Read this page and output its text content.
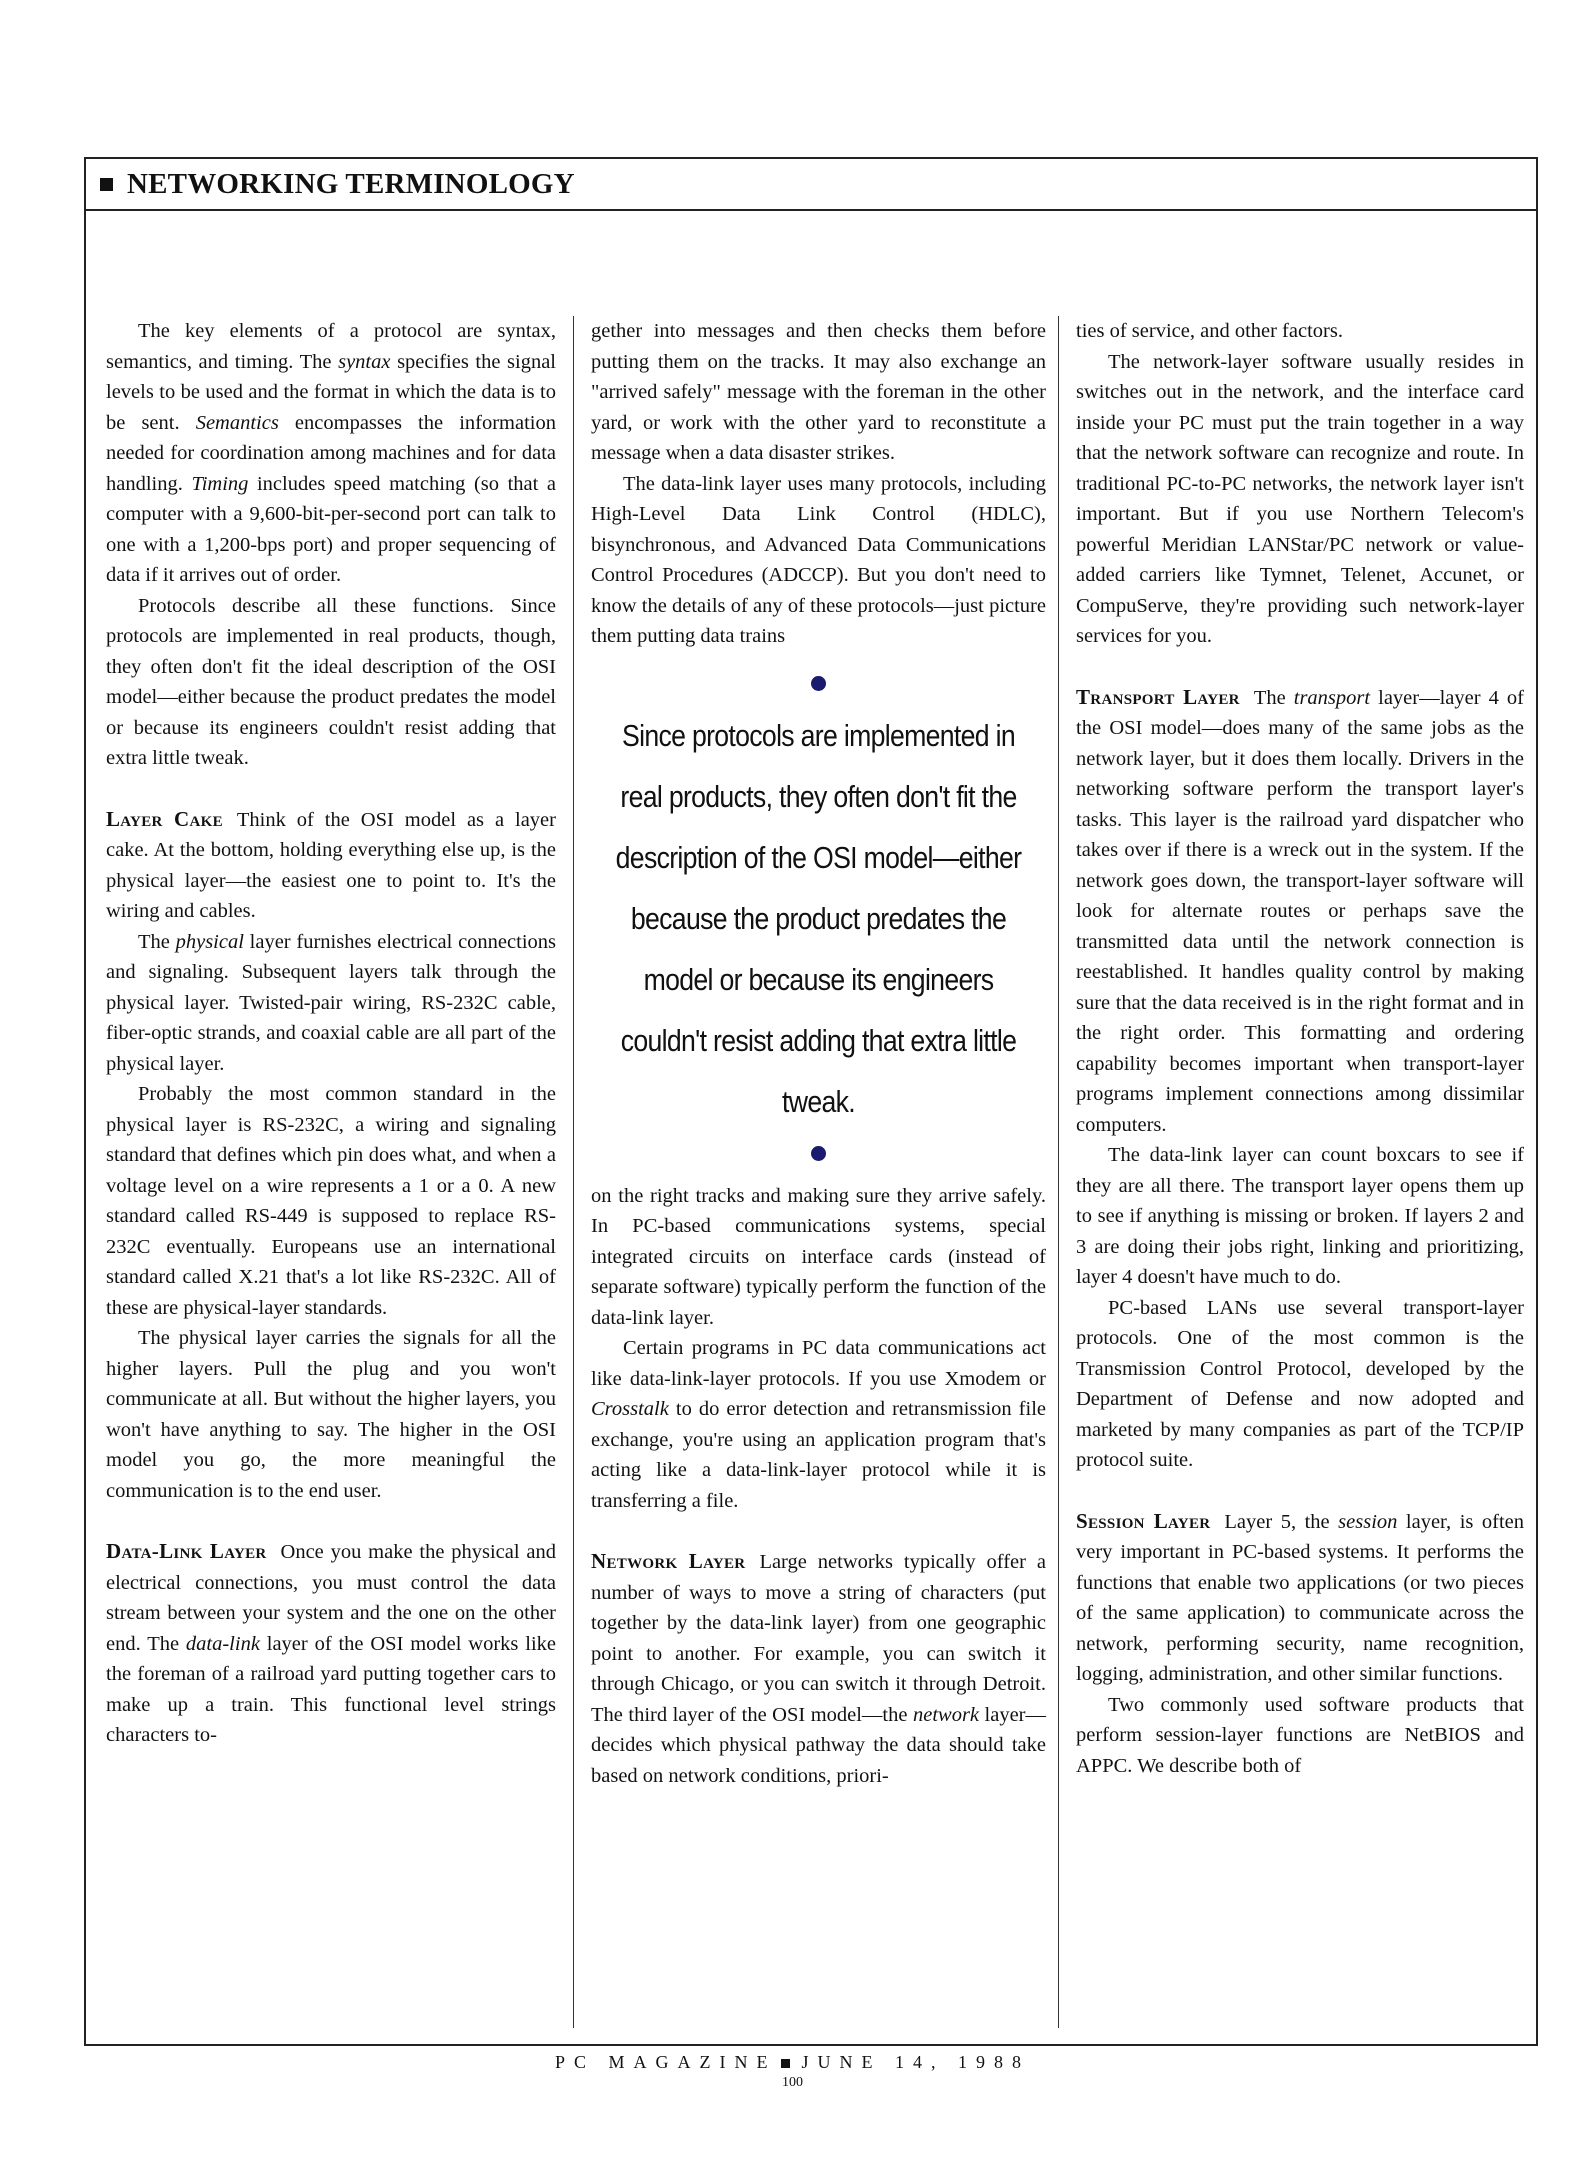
NETWORKING TERMINOLOGY

The key elements of a protocol are syntax, semantics, and timing. The syntax specifies the signal levels to be used and the format in which the data is to be sent. Semantics encompasses the information needed for coordination among machines and for data handling. Timing includes speed matching (so that a computer with a 9,600-bit-per-second port can talk to one with a 1,200-bps port) and proper sequencing of data if it arrives out of order.

Protocols describe all these functions. Since protocols are implemented in real products, though, they often don't fit the ideal description of the OSI model—either because the product predates the model or because its engineers couldn't resist adding that extra little tweak.

Layer Cake Think of the OSI model as a layer cake. At the bottom, holding everything else up, is the physical layer—the easiest one to point to. It's the wiring and cables.

The physical layer furnishes electrical connections and signaling. Subsequent layers talk through the physical layer. Twisted-pair wiring, RS-232C cable, fiber-optic strands, and coaxial cable are all part of the physical layer.

Probably the most common standard in the physical layer is RS-232C, a wiring and signaling standard that defines which pin does what, and when a voltage level on a wire represents a 1 or a 0. A new standard called RS-449 is supposed to replace RS-232C eventually. Europeans use an international standard called X.21 that's a lot like RS-232C. All of these are physical-layer standards.

The physical layer carries the signals for all the higher layers. Pull the plug and you won't communicate at all. But without the higher layers, you won't have anything to say. The higher in the OSI model you go, the more meaningful the communication is to the end user.

Data-Link Layer Once you make the physical and electrical connections, you must control the data stream between your system and the one on the other end. The data-link layer of the OSI model works like the foreman of a railroad yard putting together cars to make up a train. This functional level strings characters to-

gether into messages and then checks them before putting them on the tracks. It may also exchange an "arrived safely" message with the foreman in the other yard, or work with the other yard to reconstitute a message when a data disaster strikes.

The data-link layer uses many protocols, including High-Level Data Link Control (HDLC), bisynchronous, and Advanced Data Communications Control Procedures (ADCCP). But you don't need to know the details of any of these protocols—just picture them putting data trains

Since protocols are implemented in real products, they often don't fit the description of the OSI model—either because the product predates the model or because its engineers couldn't resist adding that extra little tweak.

on the right tracks and making sure they arrive safely. In PC-based communications systems, special integrated circuits on interface cards (instead of separate software) typically perform the function of the data-link layer.

Certain programs in PC data communications act like data-link-layer protocols. If you use Xmodem or Crosstalk to do error detection and retransmission file exchange, you're using an application program that's acting like a data-link-layer protocol while it is transferring a file.

Network Layer Large networks typically offer a number of ways to move a string of characters (put together by the data-link layer) from one geographic point to another. For example, you can switch it through Chicago, or you can switch it through Detroit. The third layer of the OSI model—the network layer—decides which physical pathway the data should take based on network conditions, priori-

ties of service, and other factors.

The network-layer software usually resides in switches out in the network, and the interface card inside your PC must put the train together in a way that the network software can recognize and route. In traditional PC-to-PC networks, the network layer isn't important. But if you use Northern Telecom's powerful Meridian LANStar/PC network or value-added carriers like Tymnet, Telenet, Accunet, or CompuServe, they're providing such network-layer services for you.

Transport Layer The transport layer—layer 4 of the OSI model—does many of the same jobs as the network layer, but it does them locally. Drivers in the networking software perform the transport layer's tasks. This layer is the railroad yard dispatcher who takes over if there is a wreck out in the system. If the network goes down, the transport-layer software will look for alternate routes or perhaps save the transmitted data until the network connection is reestablished. It handles quality control by making sure that the data received is in the right format and in the right order. This formatting and ordering capability becomes important when transport-layer programs implement connections among dissimilar computers.

The data-link layer can count boxcars to see if they are all there. The transport layer opens them up to see if anything is missing or broken. If layers 2 and 3 are doing their jobs right, linking and prioritizing, layer 4 doesn't have much to do.

PC-based LANs use several transport-layer protocols. One of the most common is the Transmission Control Protocol, developed by the Department of Defense and now adopted and marketed by many companies as part of the TCP/IP protocol suite.

Session Layer Layer 5, the session layer, is often very important in PC-based systems. It performs the functions that enable two applications (or two pieces of the same application) to communicate across the network, performing security, name recognition, logging, administration, and other similar functions.

Two commonly used software products that perform session-layer functions are NetBIOS and APPC. We describe both of

PC MAGAZINE JUNE 14, 1988
100
